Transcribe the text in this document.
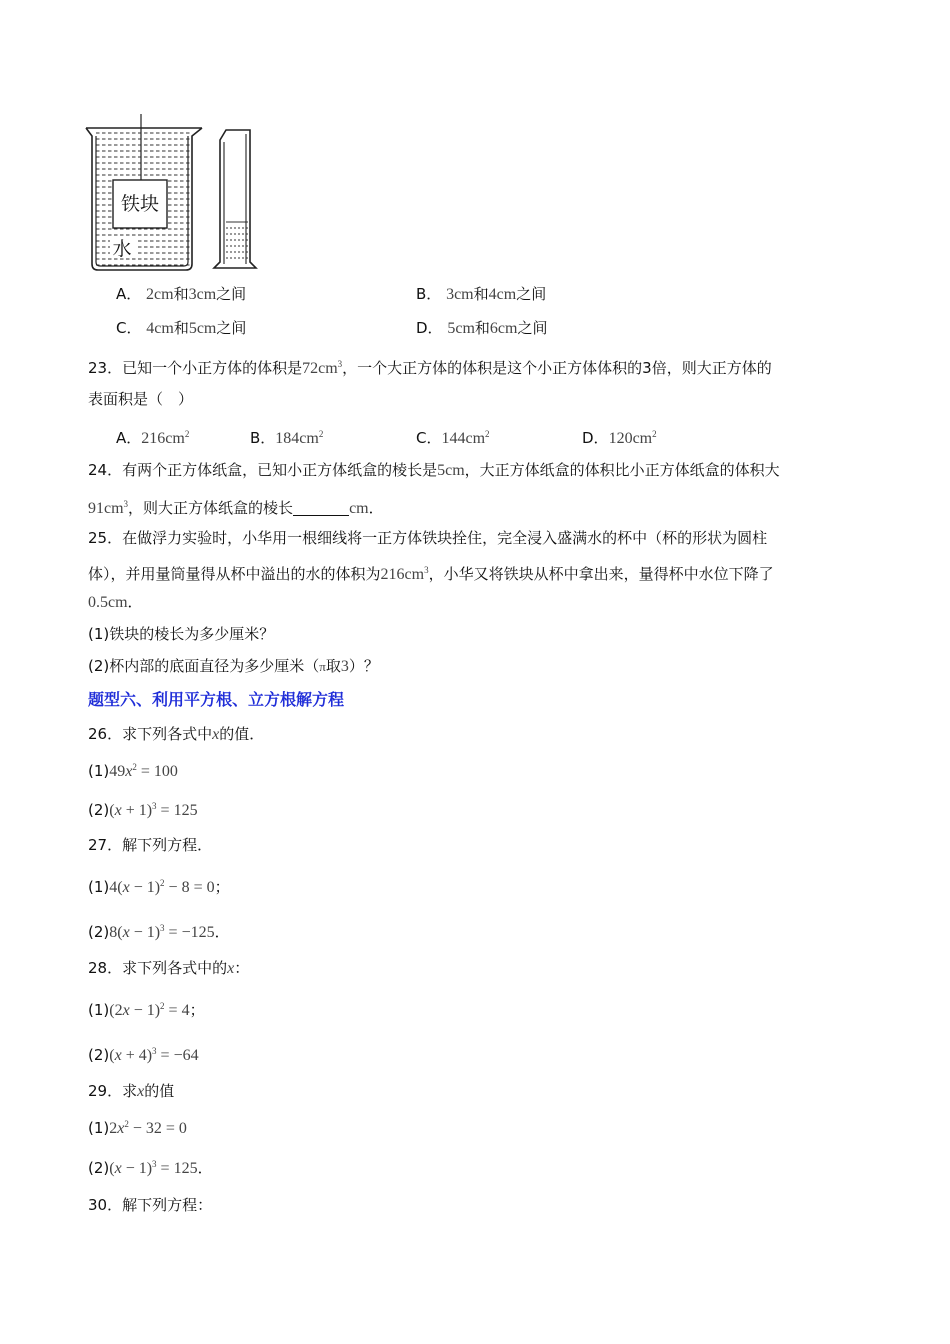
铁块
水
A． 2cm和3cm之间	B． 3cm和4cm之间
C． 4cm和5cm之间	D． 5cm和6cm之间
23．已知一个小正方体的体积是$72cm^3$，一个大正方体的体积是这个小正方体体积的3倍，则大正方体的
表面积是（　）
A．$216cm^2$	B．$184cm^2$	C．$144cm^2$	D．$120cm^2$
24．有两个正方体纸盒，已知小正方体纸盒的棱长是5cm，大正方体纸盒的体积比小正方体纸盒的体积大
$91cm^3$，则大正方体纸盒的棱长	cm．
25．在做浮力实验时，小华用一根细线将一正方体铁块拴住，完全浸入盛满水的杯中（杯的形状为圆柱
体），并用量筒量得从杯中溢出的水的体积为$216cm^3$，小华又将铁块从杯中拿出来，量得杯中水位下降了
0.5cm．
(1)铁块的棱长为多少厘米？
(2)杯内部的底面直径为多少厘米（π取3）？
题型六、利用平方根、立方根解方程
26．求下列各式中x的值．
$(1)49x^2 = 100$
$(2)(x + 1)^3 = 125$
27．解下列方程．
$(1)4(x - 1)^2 - 8 = 0$；
$(2)8(x - 1)^3 = -125$．
28．求下列各式中的x：
$(1)(2x - 1)^2 = 4$；
$(2)(x + 4)^3 = -64$
29．求x的值
$(1)2x^2 - 32 = 0$
$(2)(x - 1)^3 = 125$．
30．解下列方程：
